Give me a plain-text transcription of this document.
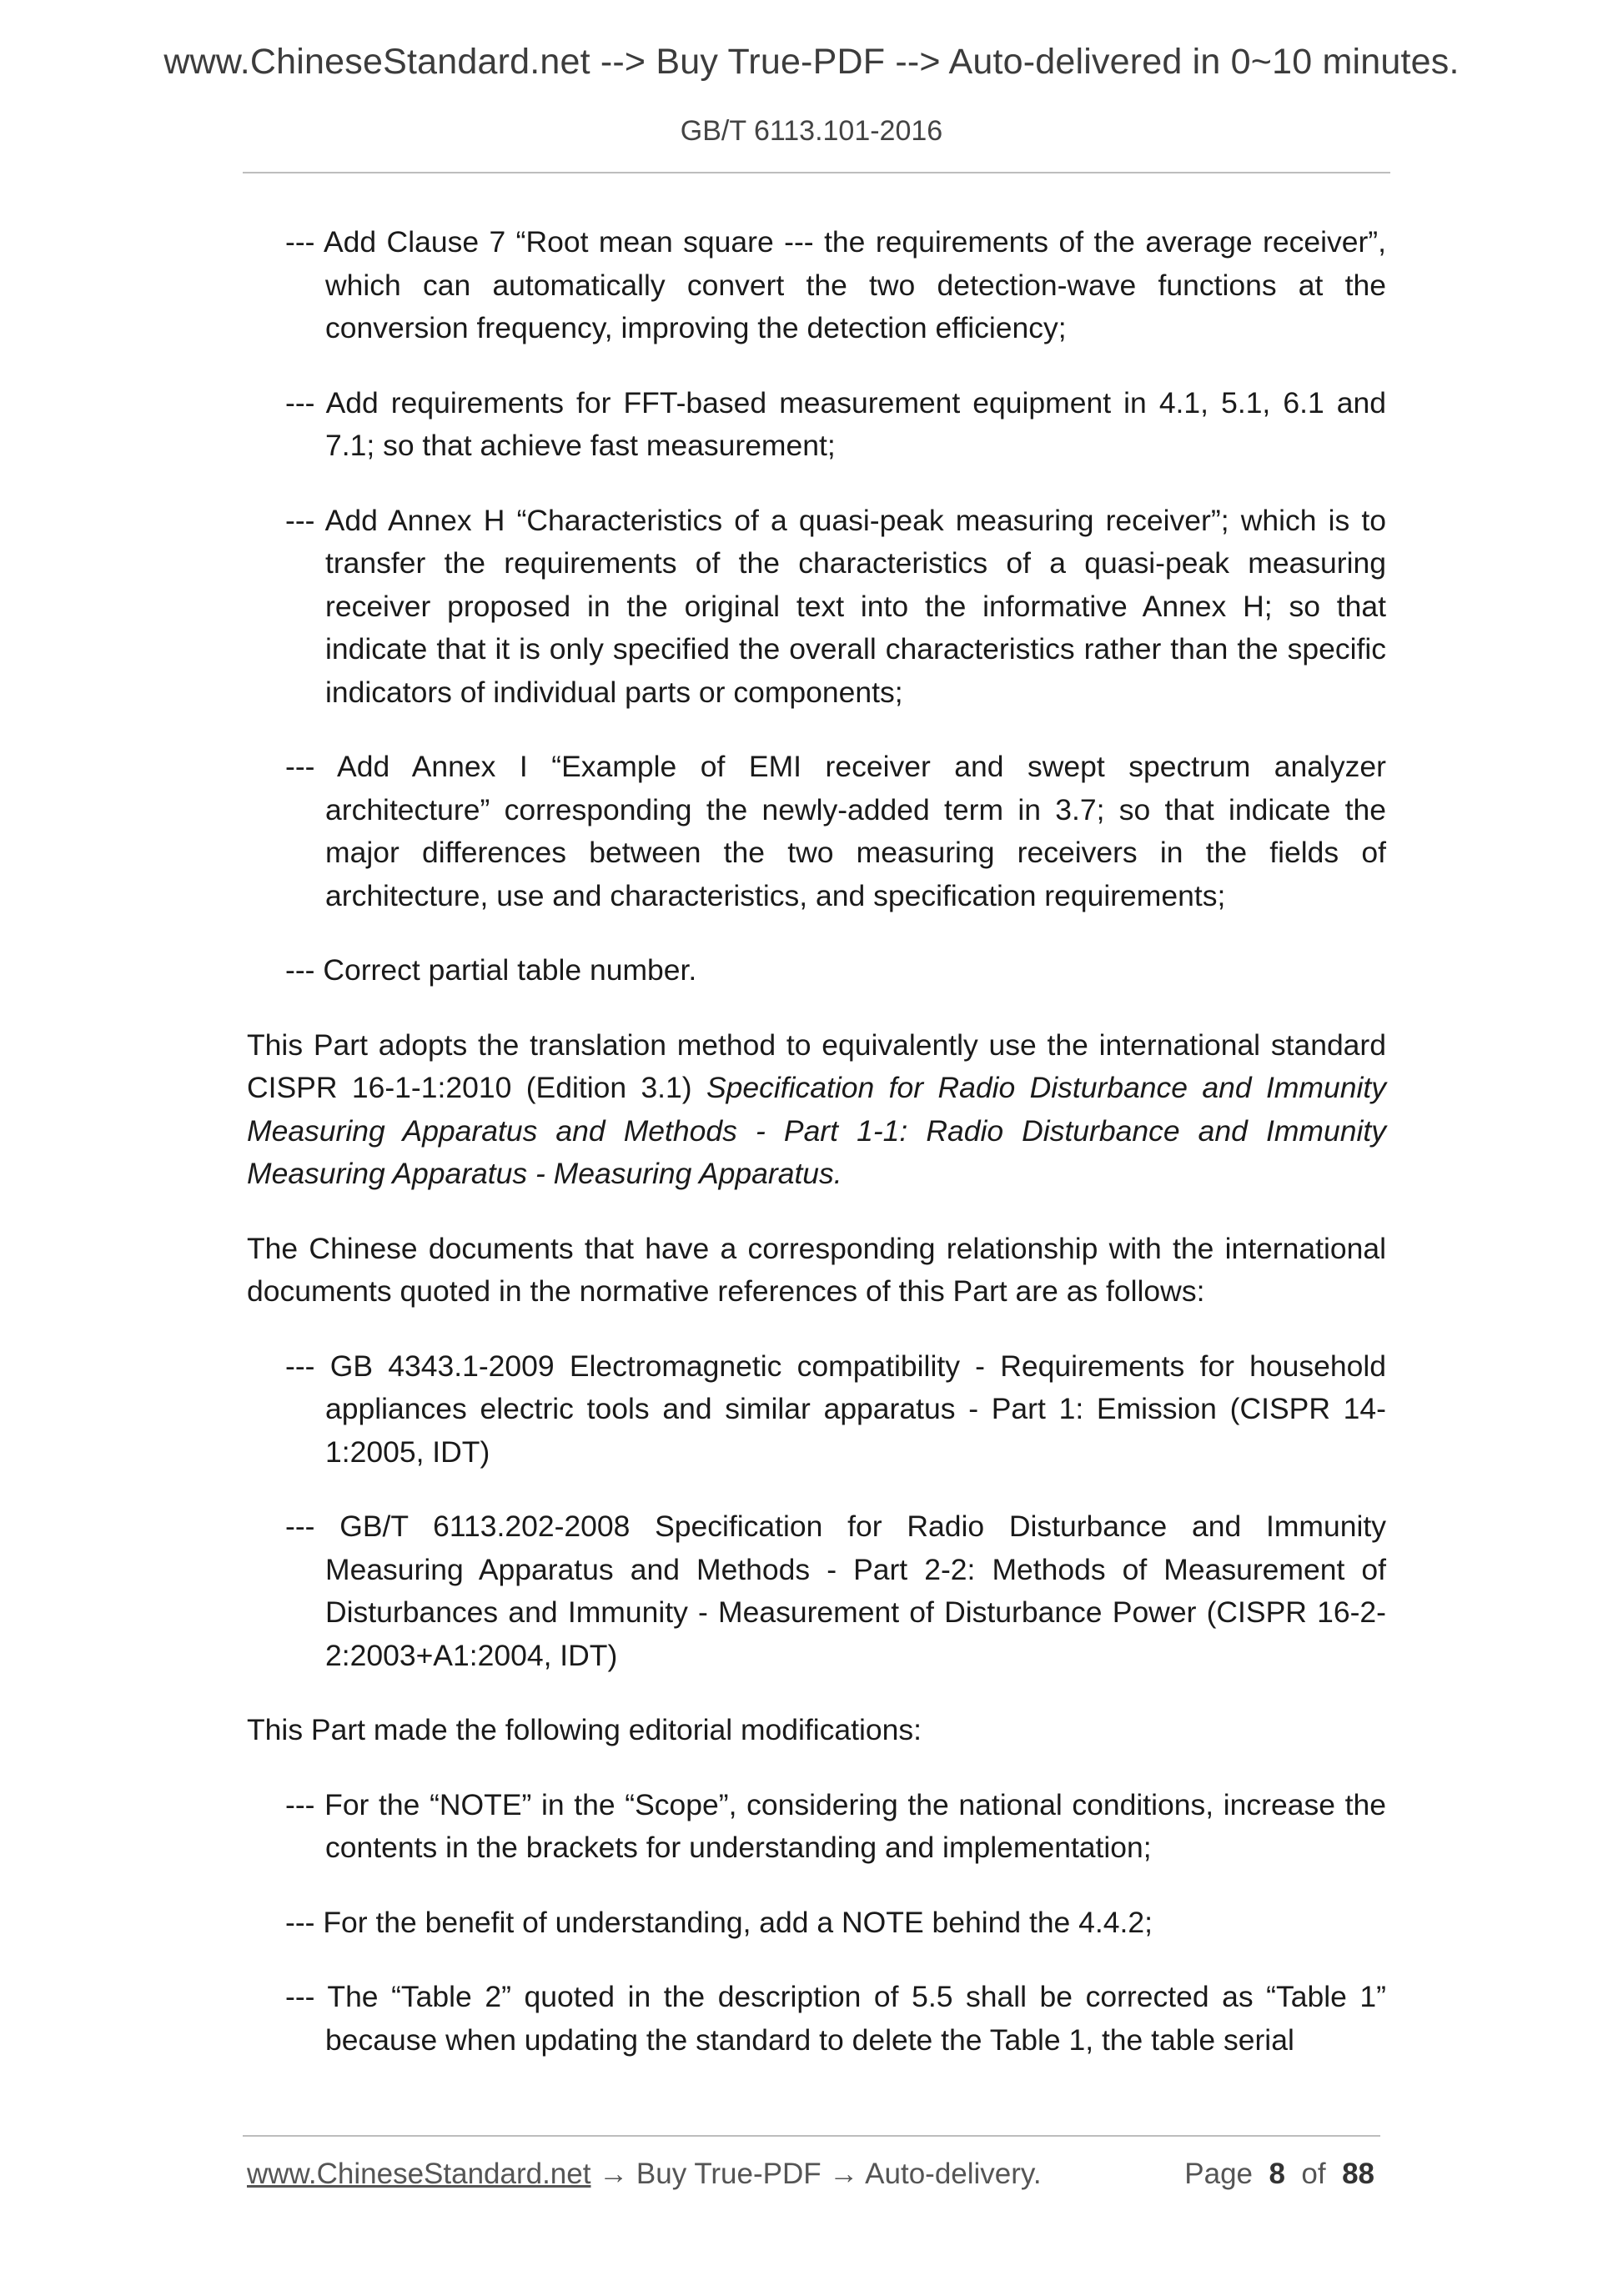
www.ChineseStandard.net --> Buy True-PDF --> Auto-delivered in 0~10 minutes.
GB/T 6113.101-2016

--- Add Clause 7 “Root mean square --- the requirements of the average receiver”, which can automatically convert the two detection-wave functions at the conversion frequency, improving the detection efficiency;

--- Add requirements for FFT-based measurement equipment in 4.1, 5.1, 6.1 and 7.1; so that achieve fast measurement;

--- Add Annex H “Characteristics of a quasi-peak measuring receiver”; which is to transfer the requirements of the characteristics of a quasi-peak measuring receiver proposed in the original text into the informative Annex H; so that indicate that it is only specified the overall characteristics rather than the specific indicators of individual parts or components;

--- Add Annex I “Example of EMI receiver and swept spectrum analyzer architecture” corresponding the newly-added term in 3.7; so that indicate the major differences between the two measuring receivers in the fields of architecture, use and characteristics, and specification requirements;

--- Correct partial table number.

This Part adopts the translation method to equivalently use the international standard CISPR 16-1-1:2010 (Edition 3.1) Specification for Radio Disturbance and Immunity Measuring Apparatus and Methods - Part 1-1: Radio Disturbance and Immunity Measuring Apparatus - Measuring Apparatus.

The Chinese documents that have a corresponding relationship with the international documents quoted in the normative references of this Part are as follows:

--- GB 4343.1-2009 Electromagnetic compatibility - Requirements for household appliances electric tools and similar apparatus - Part 1: Emission (CISPR 14-1:2005, IDT)

--- GB/T 6113.202-2008 Specification for Radio Disturbance and Immunity Measuring Apparatus and Methods - Part 2-2: Methods of Measurement of Disturbances and Immunity - Measurement of Disturbance Power (CISPR 16-2-2:2003+A1:2004, IDT)

This Part made the following editorial modifications:

--- For the “NOTE” in the “Scope”, considering the national conditions, increase the contents in the brackets for understanding and implementation;

--- For the benefit of understanding, add a NOTE behind the 4.4.2;

--- The “Table 2” quoted in the description of 5.5 shall be corrected as “Table 1” because when updating the standard to delete the Table 1, the table serial

www.ChineseStandard.net → Buy True-PDF → Auto-delivery.	Page 8 of 88
